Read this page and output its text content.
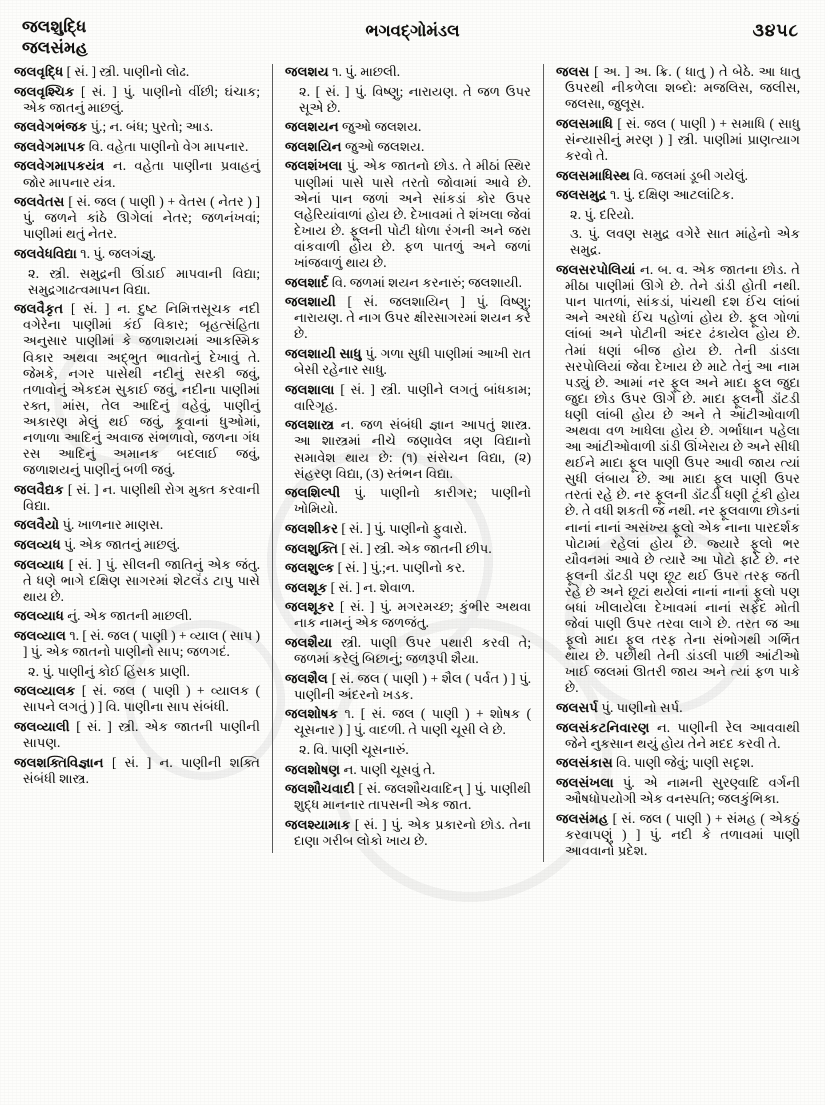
જલશુદ્ધિ
જલસંમહ
ભગવદ્ગોમંડલ	૩૪૫૮

જલવૃદ્ધિ [ સં. ] સ્ત્રી. પાણીનો લોઢ.

જલવૃશ્ચિક [ સં. ] પું. પાણીનો વીંછી; ઘંચાક; એક જાતનું માછલું.

જલવેગભંજક પું.; ન. બંધ; પુરતો; આડ.

જલવેગમાપક વિ. વહેતા પાણીનો વેગ માપનાર.

જલવેગમાપકયંત્ર ન. વહેતા પાણીના પ્રવાહનું જોર માપનાર યંત્ર.

જલવેતસ [ સં. જલ ( પાણી ) + વેતસ ( નેતર ) ] પું. જળને કાંઠે ઊગેલાં નેતર; જળનંખવાં; પાણીમાં થતું નેતર.

જલવેધવિદ્યા ૧. પું. જલગંજ્ઞુ.

૨. સ્ત્રી. સમુદ્રની ઊંડાઈ માપવાની વિદ્યા; સમુદ્રગાઢત્વમાપન વિદ્યા.

જલવૈકૃત [ સં. ] ન. દુષ્ટ નિમિત્તસૂચક નદી વગેરેના પાણીમાં કંઈ વિકાર; બૃહત્સંહિતા અનુસાર પાણીમાં કે જળાશયમાં આકસ્મિક વિકાર અથવા અદ્ભુત ભાવતોનું દેખાવું તે. જેમકે, નગર પાસેથી નદીનું સરકી જવું, તળાવોનું એકદમ સુકાઈ જવું, નદીના પાણીમાં રક્ત, માંસ, તેલ આદિનું વહેવું, પાણીનું અકારણ મેલું થઈ જવું, કૂવાનાં ધુઓમાં, નળાળા આદિનું અવાજ સંભળાવો, જળના ગંધ રસ આદિનું અમાનક બદલાઈ જવું, જળાશયનું પાણીનું બળી જવું.

જલવૈદ્યક [ સં. ] ન. પાણીથી રોગ મુક્ત કરવાની વિદ્યા.

જલવૈયો પું. ખાળનાર માણસ.

જલવ્યધ પું. એક જાતનું માછલું.

જલવ્યાધ [ સં. ] પું. સીલની જાતિનું એક જંતુ. તે ધણે ભાગે દક્ષિણ સાગરમાં શેટલૅંડ ટાપુ પાસે થાય છે.

જલવ્યાધ નું. એક જાતની માછલી.

જલવ્યાલ ૧. [ સં. જલ ( પાણી ) + વ્યાલ ( સાપ ) ] પું. એક જાતનો પાણીનો સાપ; જળગદં.

૨. પું. પાણીનું કોઈ હિંસક પ્રાણી.

જલવ્યાલક [ સં. જલ ( પાણી ) + વ્યાલક ( સાપને લગતું ) ] વિ. પાણીના સાપ સંબંધી.

જલવ્યાલી [ સં. ] સ્ત્રી. એક જાતની પાણીની સાપણ.

જલશક્તિવિજ્ઞાન [ સં. ] ન. પાણીની શક્તિ સંબંધી શાસ્ત્ર.

જલશય ૧. પું. માછલી.

૨. [ સં. ] પું. વિષ્ણુ; નારાયણ. તે જળ ઉપર સૂએ છે.

જલશયન જુઓ જલશય.

જલશયિન જુઓ જલશય.

જલશંખલા પું. એક જાતનો છોડ. તે મીઠાં સ્થિર પાણીમાં પાસે પાસે તરતો જોવામાં આવે છે. એનાં પાન જળાં અને સાંકડાં કોર ઉપર લહેરિયાંવાળાં હોય છે. દેખાવમાં તે શંખલા જેવાં દેખાય છે. ફૂલની પોટી ધોળા રંગની અને જરા વાંકવાળી હોય છે. ફળ પાતળું અને જળાં ખાંજવાળું થાય છે.

જલશાર્દ વિ. જળમાં શયન કરનારું; જલશાયી.

જલશાયી [ સં. જલશાયિન્ ] પું. વિષ્ણુ; નારાયણ. તે નાગ ઉપર ક્ષીરસાગરમાં શયન કરે છે.

જલશાયી સાધુ પું. ગળા સુધી પાણીમાં આખી રાત બેસી રહેનાર સાધુ.

જલશાલા [ સં. ] સ્ત્રી. પાણીને લગતું બાંધકામ; વારિગૃહ.

જલશાસ્ત્ર ન. જળ સંબંધી જ્ઞાન આપતું શાસ્ત્ર. આ શાસ્ત્રમાં નીચે જણાવેલ ત્રણ વિદ્યાનો સમાવેશ થાય છે: (૧) સંસેચન વિદ્યા, (૨) સંહરણ વિદ્યા, (૩) સ્તંભન વિદ્યા.

જલશિલ્પી પું. પાણીનો કારીગર; પાણીનો ખોમિયો.

જલશીકર [ સં. ] પું. પાણીનો ફુવારો.

જલશુક્તિ [ સં. ] સ્ત્રી. એક જાતની છીપ.

જલશુલ્ક [ સં. ] પું.;ન. પાણીનો કર.

જલશૂક [ સં. ] ન. શેવાળ.

જલશૂકર [ સં. ] પું. મગરમચ્છ; કુંભીર અથવા નાક નામનું એક જળજંતુ.

જલશૈયા સ્ત્રી. પાણી ઉપર પથારી કરવી તે; જળમાં કરેલું બિછાનું; જળરૂપી શૈયા.

જલશૈલ [ સં. જલ ( પાણી ) + શૈલ ( પર્વત ) ] પું. પાણીની અંદરનો ખડક.

જલશોષક ૧. [ સં. જલ ( પાણી ) + શોષક ( ચૂસનાર ) ] પું. વાદળી. તે પાણી ચૂસી લે છે.

૨. વિ. પાણી ચૂસનારું.

જલશોષણ ન. પાણી ચૂસવું તે.

જલશૌચવાદી [ સં. જલશૌચવાદિન્ ] પું. પાણીથી શુદ્ધ માનનાર તાપસની એક જાત.

જલશ્યામાક [ સં. ] પું. એક પ્રકારનો છોડ. તેના દાણા ગરીબ લોકો ખાય છે.

જલસ [ અ. ] અ. ક્રિ. ( ધાતુ ) તે બેઠે. આ ધાતુ ઉપરથી નીકળેલા શબ્દો: મજલિસ, જલીસ, જલસા, જુલૂસ.

જલસમાધિ [ સં. જલ ( પાણી ) + સમાધિ ( સાધુ સંન્યાસીનું મરણ ) ] સ્ત્રી. પાણીમાં પ્રાણત્યાગ કરવો તે.

જલસમાધિસ્થ વિ. જલમાં ડૂબી ગયેલું.

જલસમુદ્ર ૧. પું. દક્ષિણ આટલાંટિક.

૨. પું. દરિયો.

૩. પું. લવણ સમુદ્ર વગેરે સાત માંહેનો એક સમુદ્ર.

જલસરપોલિયાં ન. બ. વ. એક જાતના છોડ. તે મીઠા પાણીમાં ઊગે છે. તેને ડાંડી હોતી નથી. પાન પાતળાં, સાંકડાં, પાંચથી દશ ઈંચ લાંબાં અને અરધો ઈંચ પહોળાં હોય છે. ફૂલ ગોળાં લાંબાં અને પોટીની અંદર ઢંકાયેલ હોય છે. તેમાં ધણાં બીજ હોય છે. તેની ડાંડલા સરપોલિયાં જેવા દેખાય છે માટે તેનું આ નામ પડ્યું છે. આમાં નર ફૂલ અને માદા ફૂલ જુદા જુદા છોડ ઉપર ઊગે છે. માદા ફૂલની ડૉંટડી ધણી લાંબી હોય છે અને તે આંટીઓવાળી અથવા વળ ખાધેલા હોય છે. ગર્ભાધાન પહેલા આ આંટીઓવાળી ડાંડી ઊંખેરાય છે અને સીધી થઈને માદા ફૂલ પાણી ઉપર આવી જાય ત્યાં સુધી લંબાય છે. આ માદા ફૂલ પાણી ઉપર તરતાં રહે છે. નર ફૂલની ડૉંટડી ધણી ટૂંકી હોય છે. તે વધી શકતી જ નથી. નર ફૂલવાળા છોડનાં નાનાં નાનાં અસંખ્ય ફૂલો એક નાના પારદર્શક પોટામાં રહેલાં હોય છે. જ્યારે ફૂલો ભર યૌવનમાં આવે છે ત્યારે આ પોટો ફાટે છે. નર ફૂલની ડૉંટડી પણ છૂટ થઈ ઉપર તરફ જતી રહે છે અને છૂટાં થયેલાં નાનાં નાનાં ફૂલો પણ બધાં ખીલાયેલા દેખાવમાં નાનાં સફેદ મોતી જેવાં પાણી ઉપર તરવા લાગે છે. તરત જ આ ફૂલો માદા ફૂલ તરફ તેના સંભોગથી ગર્ભિત થાય છે. પછીથી તેની ડાંડલી પાછી આંટીઓ ખાઈ જલમાં ઊતરી જાય અને ત્યાં ફળ પાકે છે.

જલસર્પ પું. પાણીનો સર્પ.

જલસંકટનિવારણ ન. પાણીની રેલ આવવાથી જેને નુકસાન થયું હોય તેને મદદ કરવી તે.

જલસંકાસ વિ. પાણી જેવું; પાણી સદૃશ.

જલસંખલા પું. એ નામની સુરણ્વાદિ વર્ગની ઔષધોપયોગી એક વનસ્પતિ; જલકુંભિકા.

જલસંમહ [ સં. જલ ( પાણી ) + સંમહ ( એકઠું કરવાપણું ) ] પું. નદી કે તળાવમાં પાણી આવવાનો પ્રદેશ.
